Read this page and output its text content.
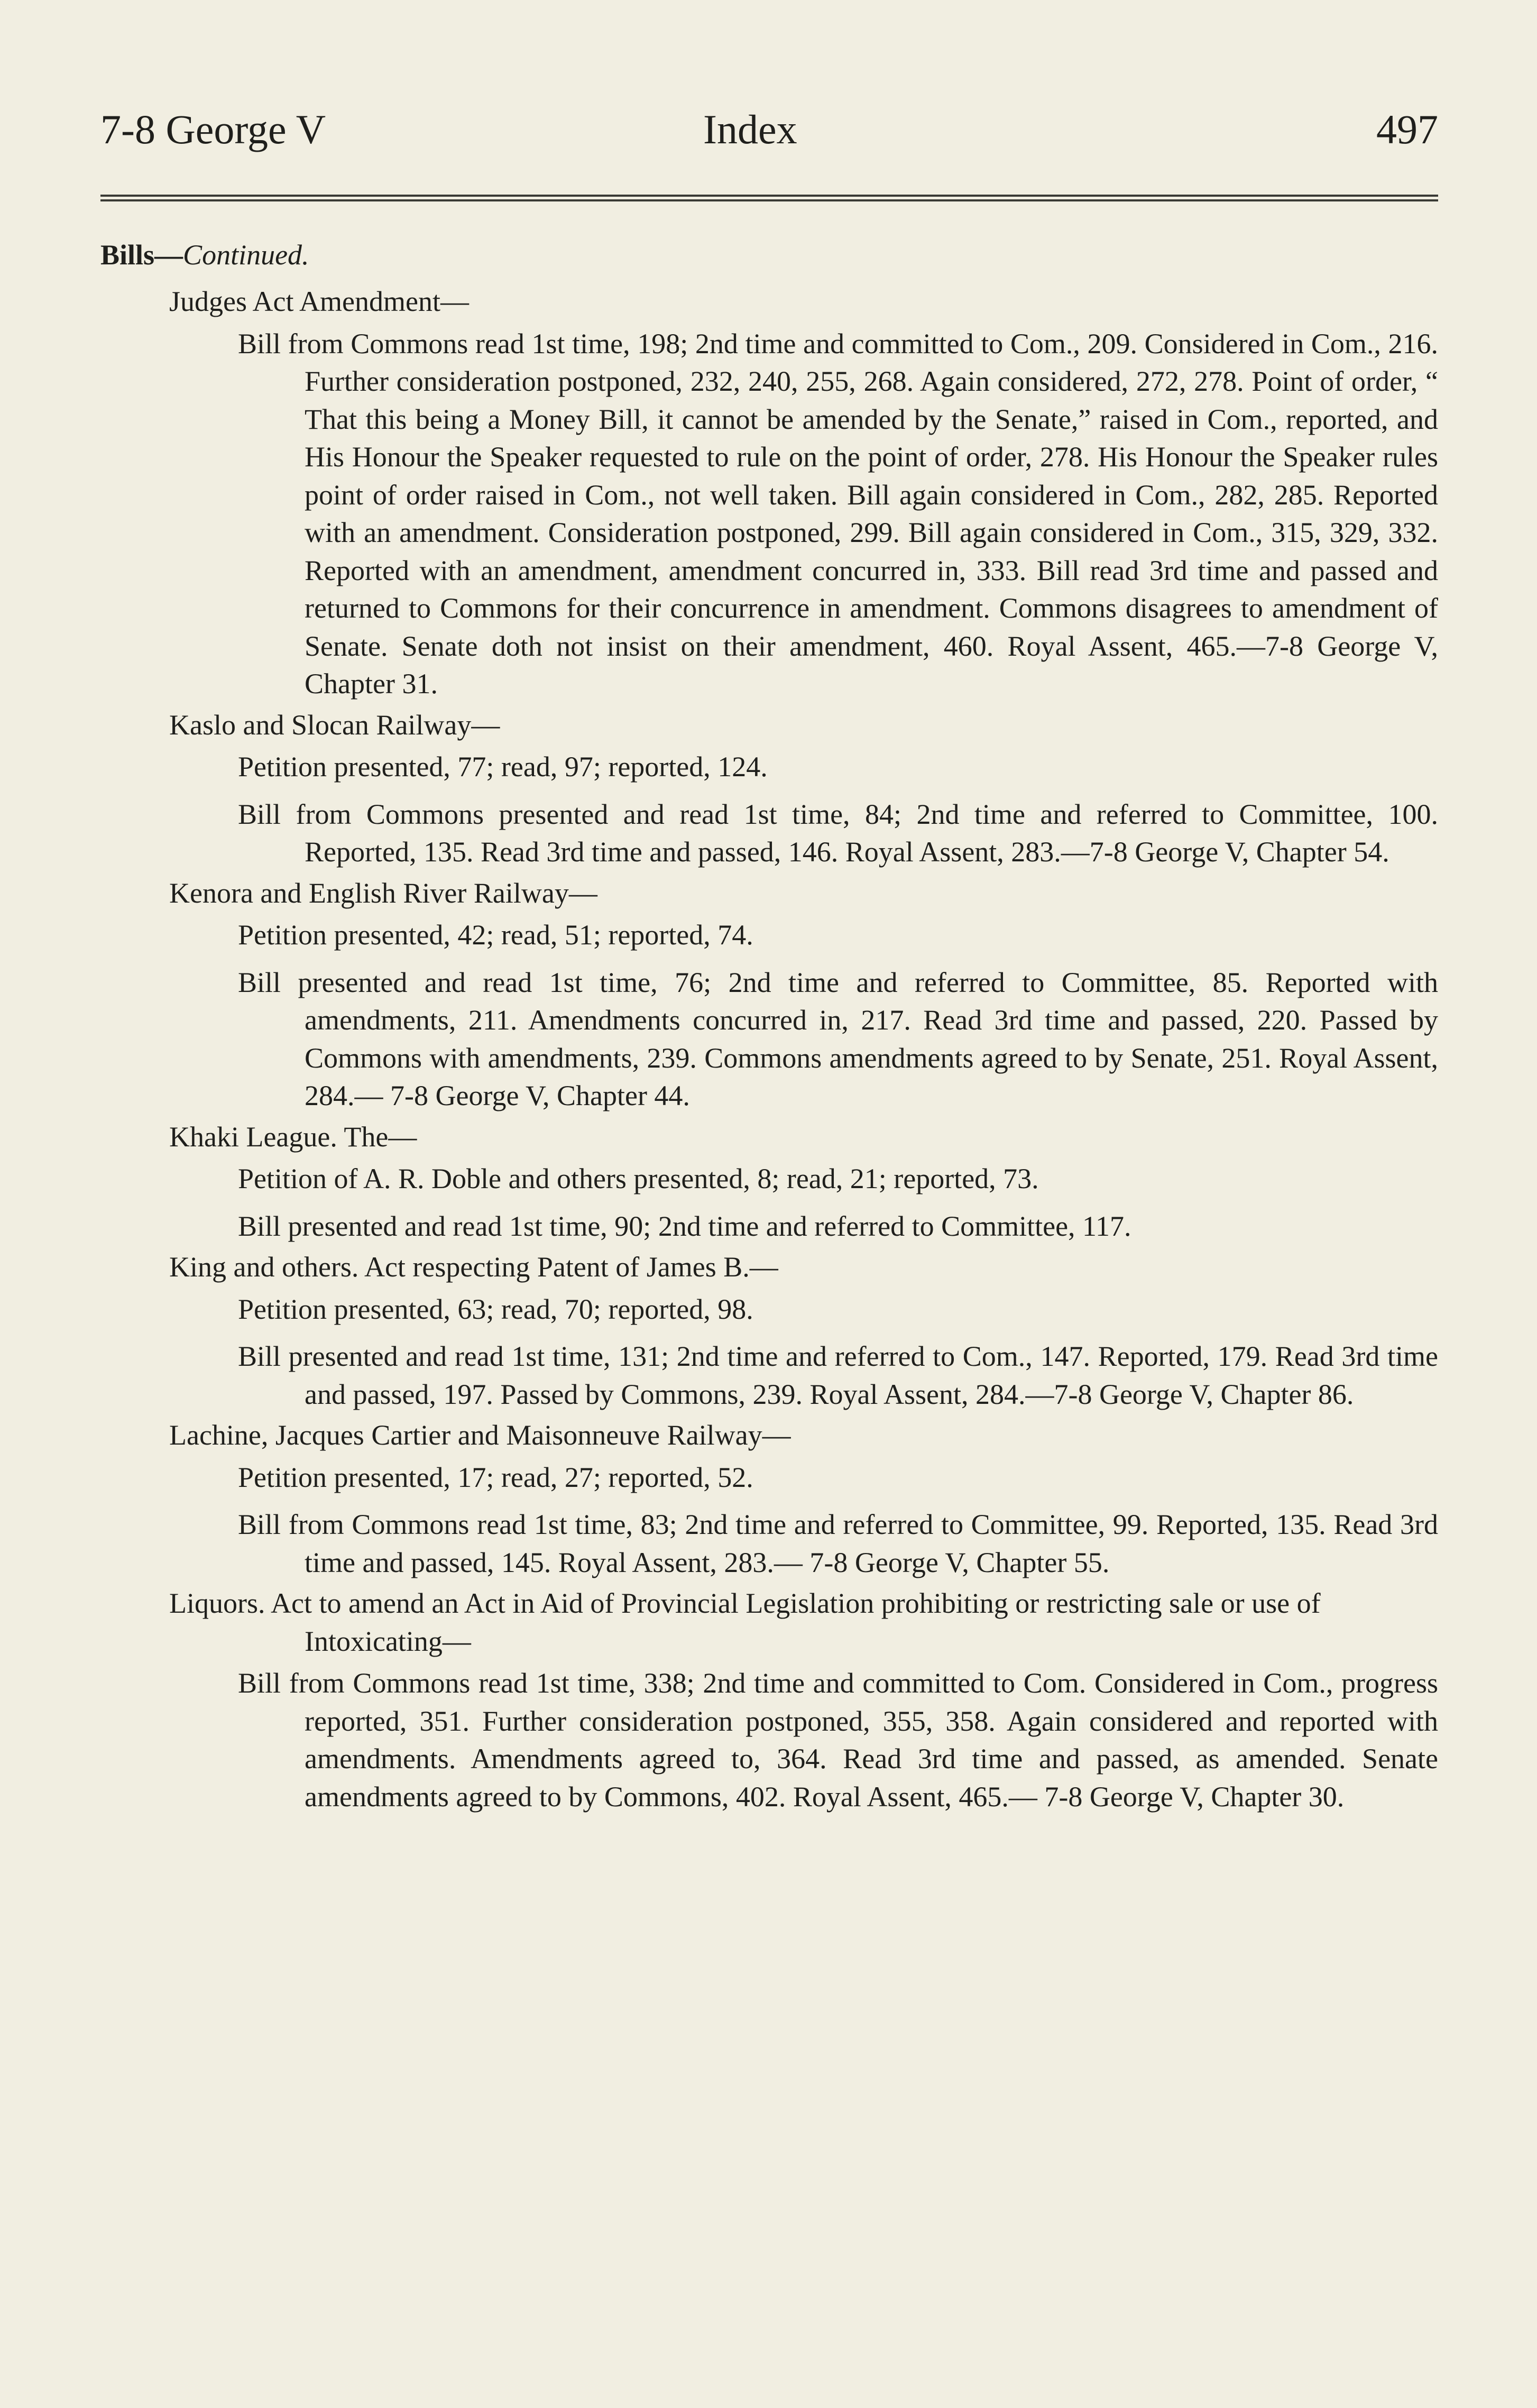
7-8 George V	Index	497
Bills—Continued.
Judges Act Amendment—
Bill from Commons read 1st time, 198; 2nd time and committed to Com., 209. Considered in Com., 216. Further consideration postponed, 232, 240, 255, 268. Again considered, 272, 278. Point of order, “ That this being a Money Bill, it cannot be amended by the Senate,” raised in Com., reported, and His Honour the Speaker requested to rule on the point of order, 278. His Honour the Speaker rules point of order raised in Com., not well taken. Bill again considered in Com., 282, 285. Reported with an amendment. Consideration postponed, 299. Bill again considered in Com., 315, 329, 332. Reported with an amendment, amendment concurred in, 333. Bill read 3rd time and passed and returned to Commons for their concurrence in amendment. Commons disagrees to amendment of Senate. Senate doth not insist on their amendment, 460. Royal Assent, 465.—7-8 George V, Chapter 31.
Kaslo and Slocan Railway—
Petition presented, 77; read, 97; reported, 124.
Bill from Commons presented and read 1st time, 84; 2nd time and referred to Committee, 100. Reported, 135. Read 3rd time and passed, 146. Royal Assent, 283.—7-8 George V, Chapter 54.
Kenora and English River Railway—
Petition presented, 42; read, 51; reported, 74.
Bill presented and read 1st time, 76; 2nd time and referred to Committee, 85. Reported with amendments, 211. Amendments concurred in, 217. Read 3rd time and passed, 220. Passed by Commons with amendments, 239. Commons amendments agreed to by Senate, 251. Royal Assent, 284.— 7-8 George V, Chapter 44.
Khaki League. The—
Petition of A. R. Doble and others presented, 8; read, 21; reported, 73.
Bill presented and read 1st time, 90; 2nd time and referred to Committee, 117.
King and others. Act respecting Patent of James B.—
Petition presented, 63; read, 70; reported, 98.
Bill presented and read 1st time, 131; 2nd time and referred to Com., 147. Reported, 179. Read 3rd time and passed, 197. Passed by Commons, 239. Royal Assent, 284.—7-8 George V, Chapter 86.
Lachine, Jacques Cartier and Maisonneuve Railway—
Petition presented, 17; read, 27; reported, 52.
Bill from Commons read 1st time, 83; 2nd time and referred to Committee, 99. Reported, 135. Read 3rd time and passed, 145. Royal Assent, 283.— 7-8 George V, Chapter 55.
Liquors. Act to amend an Act in Aid of Provincial Legislation prohibiting or restricting sale or use of Intoxicating—
Bill from Commons read 1st time, 338; 2nd time and committed to Com. Considered in Com., progress reported, 351. Further consideration postponed, 355, 358. Again considered and reported with amendments. Amendments agreed to, 364. Read 3rd time and passed, as amended. Senate amendments agreed to by Commons, 402. Royal Assent, 465.— 7-8 George V, Chapter 30.
